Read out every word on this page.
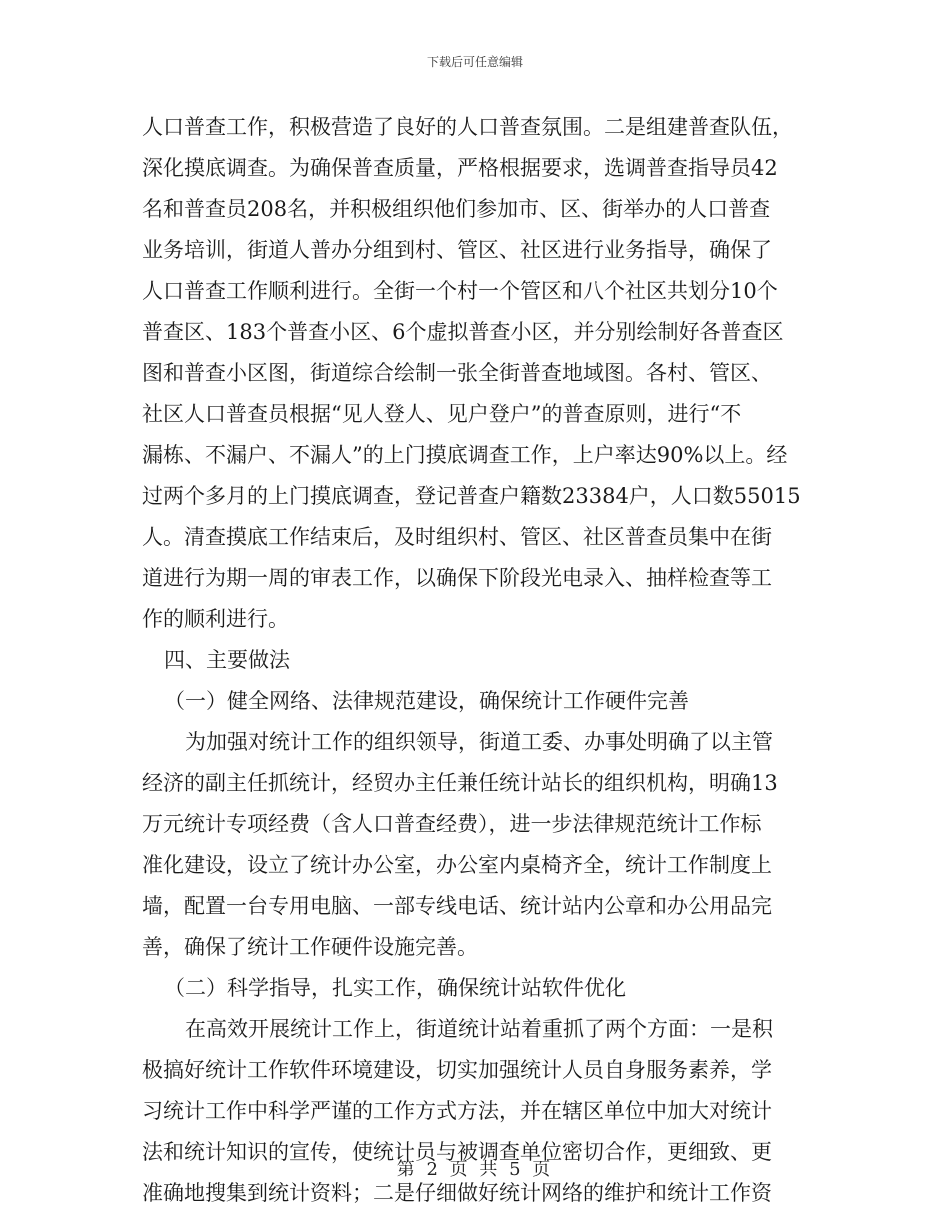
下载后可任意编辑
人口普查工作，积极营造了良好的人口普查氛围。二是组建普查队伍，
深化摸底调查。为确保普查质量，严格根据要求，选调普查指导员42
名和普查员208名，并积极组织他们参加市、区、街举办的人口普查
业务培训，街道人普办分组到村、管区、社区进行业务指导，确保了
人口普查工作顺利进行。全街一个村一个管区和八个社区共划分10个
普查区、183个普查小区、6个虚拟普查小区，并分别绘制好各普查区
图和普查小区图，街道综合绘制一张全街普查地域图。各村、管区、
社区人口普查员根据“见人登人、见户登户”的普查原则，进行“不
漏栋、不漏户、不漏人”的上门摸底调查工作，上户率达90%以上。经
过两个多月的上门摸底调查，登记普查户籍数23384户，人口数55015
人。清查摸底工作结束后，及时组织村、管区、社区普查员集中在街
道进行为期一周的审表工作，以确保下阶段光电录入、抽样检查等工
作的顺利进行。
四、主要做法
（一）健全网络、法律规范建设，确保统计工作硬件完善
为加强对统计工作的组织领导，街道工委、办事处明确了以主管
经济的副主任抓统计，经贸办主任兼任统计站长的组织机构，明确13
万元统计专项经费（含人口普查经费），进一步法律规范统计工作标
准化建设，设立了统计办公室，办公室内桌椅齐全，统计工作制度上
墙，配置一台专用电脑、一部专线电话、统计站内公章和办公用品完
善，确保了统计工作硬件设施完善。
（二）科学指导，扎实工作，确保统计站软件优化
在高效开展统计工作上，街道统计站着重抓了两个方面：一是积
极搞好统计工作软件环境建设，切实加强统计人员自身服务素养，学
习统计工作中科学严谨的工作方式方法，并在辖区单位中加大对统计
法和统计知识的宣传，使统计员与被调查单位密切合作，更细致、更
准确地搜集到统计资料；二是仔细做好统计网络的维护和统计工作资
第 2 页 共 5 页
